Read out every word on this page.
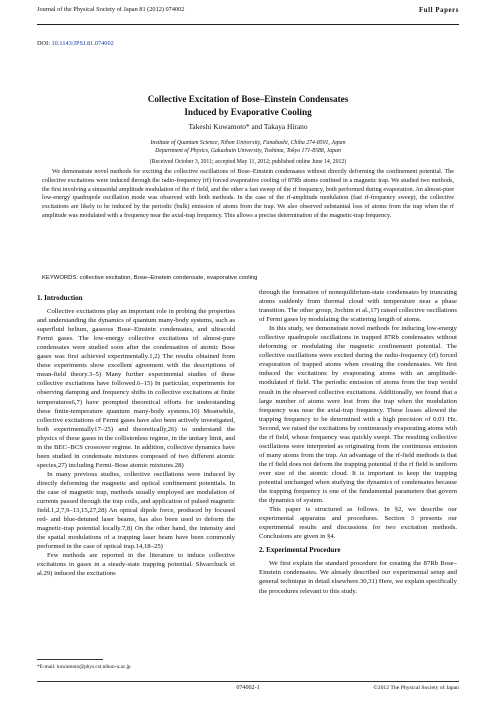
Journal of the Physical Society of Japan 81 (2012) 074002	Full Papers
DOI: 10.1143/JPSJ.81.074002
Collective Excitation of Bose–Einstein Condensates
Induced by Evaporative Cooling
Takeshi Kuwamoto* and Takaya Hirano
Institute of Quantum Science, Nihon University, Funabashi, Chiba 274-8501, Japan
Department of Physics, Gakushuin University, Toshima, Tokyo 171-8588, Japan
(Received October 3, 2011; accepted May 11, 2012; published online June 14, 2012)
We demonstrate novel methods for exciting the collective oscillations of Bose–Einstein condensates without directly deforming the confinement potential. The collective excitations were induced through the radio-frequency (rf) forced evaporative cooling of 87Rb atoms confined in a magnetic trap. We studied two methods, the first involving a sinusoidal amplitude modulation of the rf field, and the other a fast sweep of the rf frequency, both performed during evaporation. An almost-pure low-energy quadrupole oscillation mode was observed with both methods. In the case of the rf-amplitude modulation (fast rf-frequency sweep), the collective excitations are likely to be induced by the periodic (bulk) emission of atoms from the trap. We also observed substantial loss of atoms from the trap when the rf amplitude was modulated with a frequency near the axial-trap frequency. This allows a precise determination of the magnetic-trap frequency.
KEYWORDS: collective excitation, Bose–Einstein condensate, evaporative cooling

1. Introduction

Collective excitations play an important role in probing the properties and understanding the dynamics of quantum many-body systems, such as superfluid helium, gaseous Bose–Einstein condensates, and ultracold Fermi gases. The low-energy collective excitations of almost-pure condensates were studied soon after the condensation of atomic Bose gases was first achieved experimentally.1,2) The results obtained from these experiments show excellent agreement with the descriptions of mean-field theory.3–5) Many further experimental studies of these collective excitations have followed.6–15) In particular, experiments for observing damping and frequency shifts in collective excitations at finite temperatures6,7) have prompted theoretical efforts for understanding these finite-temperature quantum many-body systems.16) Meanwhile, collective excitations of Fermi gases have also been actively investigated, both experimentally17–25) and theoretically,26) to understand the physics of these gases in the collisionless regime, in the unitary limit, and in the BEC–BCS crossover regime. In addition, collective dynamics have been studied in condensate mixtures composed of two different atomic species,27) including Fermi–Bose atomic mixtures.28)

In many previous studies, collective oscillations were induced by directly deforming the magnetic and optical confinement potentials. In the case of magnetic trap, methods usually employed are modulation of currents passed through the trap coils, and application of pulsed magnetic field.1,2,7,9–13,15,27,28) An optical dipole force, produced by focused red- and blue-detuned laser beams, has also been used to deform the magnetic-trap potential locally.7,8) On the other hand, the intensity and the spatial modulations of a trapping laser beam have been commonly performed in the case of optical trap.14,18–25)

Few methods are reported in the literature to induce collective excitations in gases in a steady-state trapping potential. Shvarchuck et al.29) induced the excitations

through the formation of nonequilibrium-state condensates by truncating atoms suddenly from thermal cloud with temperature near a phase transition. The other group, Jochim et al.,17) raised collective oscillations of Fermi gases by modulating the scattering length of atoms.

In this study, we demonstrate novel methods for inducing low-energy collective quadrupole oscillations in trapped 87Rb condensates without deforming or modulating the magnetic confinement potential. The collective oscillations were excited during the radio-frequency (rf) forced evaporation of trapped atoms when creating the condensates. We first induced the excitations by evaporating atoms with an amplitude-modulated rf field. The periodic emission of atoms from the trap would result in the observed collective excitations. Additionally, we found that a large number of atoms were lost from the trap when the modulation frequency was near the axial-trap frequency. These losses allowed the trapping frequency to be determined with a high precision of 0.01 Hz. Second, we raised the excitations by continuously evaporating atoms with the rf field, whose frequency was quickly swept. The resulting collective oscillations were interpreted as originating from the continuous emission of many atoms from the trap. An advantage of the rf-field methods is that the rf field does not deform the trapping potential if the rf field is uniform over size of the atomic cloud. It is important to keep the trapping potential unchanged when studying the dynamics of condensates because the trapping frequency is one of the fundamental parameters that govern the dynamics of system.

This paper is structured as follows. In §2, we describe our experimental apparatus and procedures. Section 3 presents our experimental results and discussions for two excitation methods. Conclusions are given in §4.

2. Experimental Procedure

We first explain the standard procedure for creating the 87Rb Bose–Einstein condensates. We already described our experimental setup and general technique in detail elsewhere.30,31) Here, we explain specifically the procedures relevant to this study.

*E-mail: kuwamoto@phys.cst.nihon-u.ac.jp
074002-1	©2012 The Physical Society of Japan
